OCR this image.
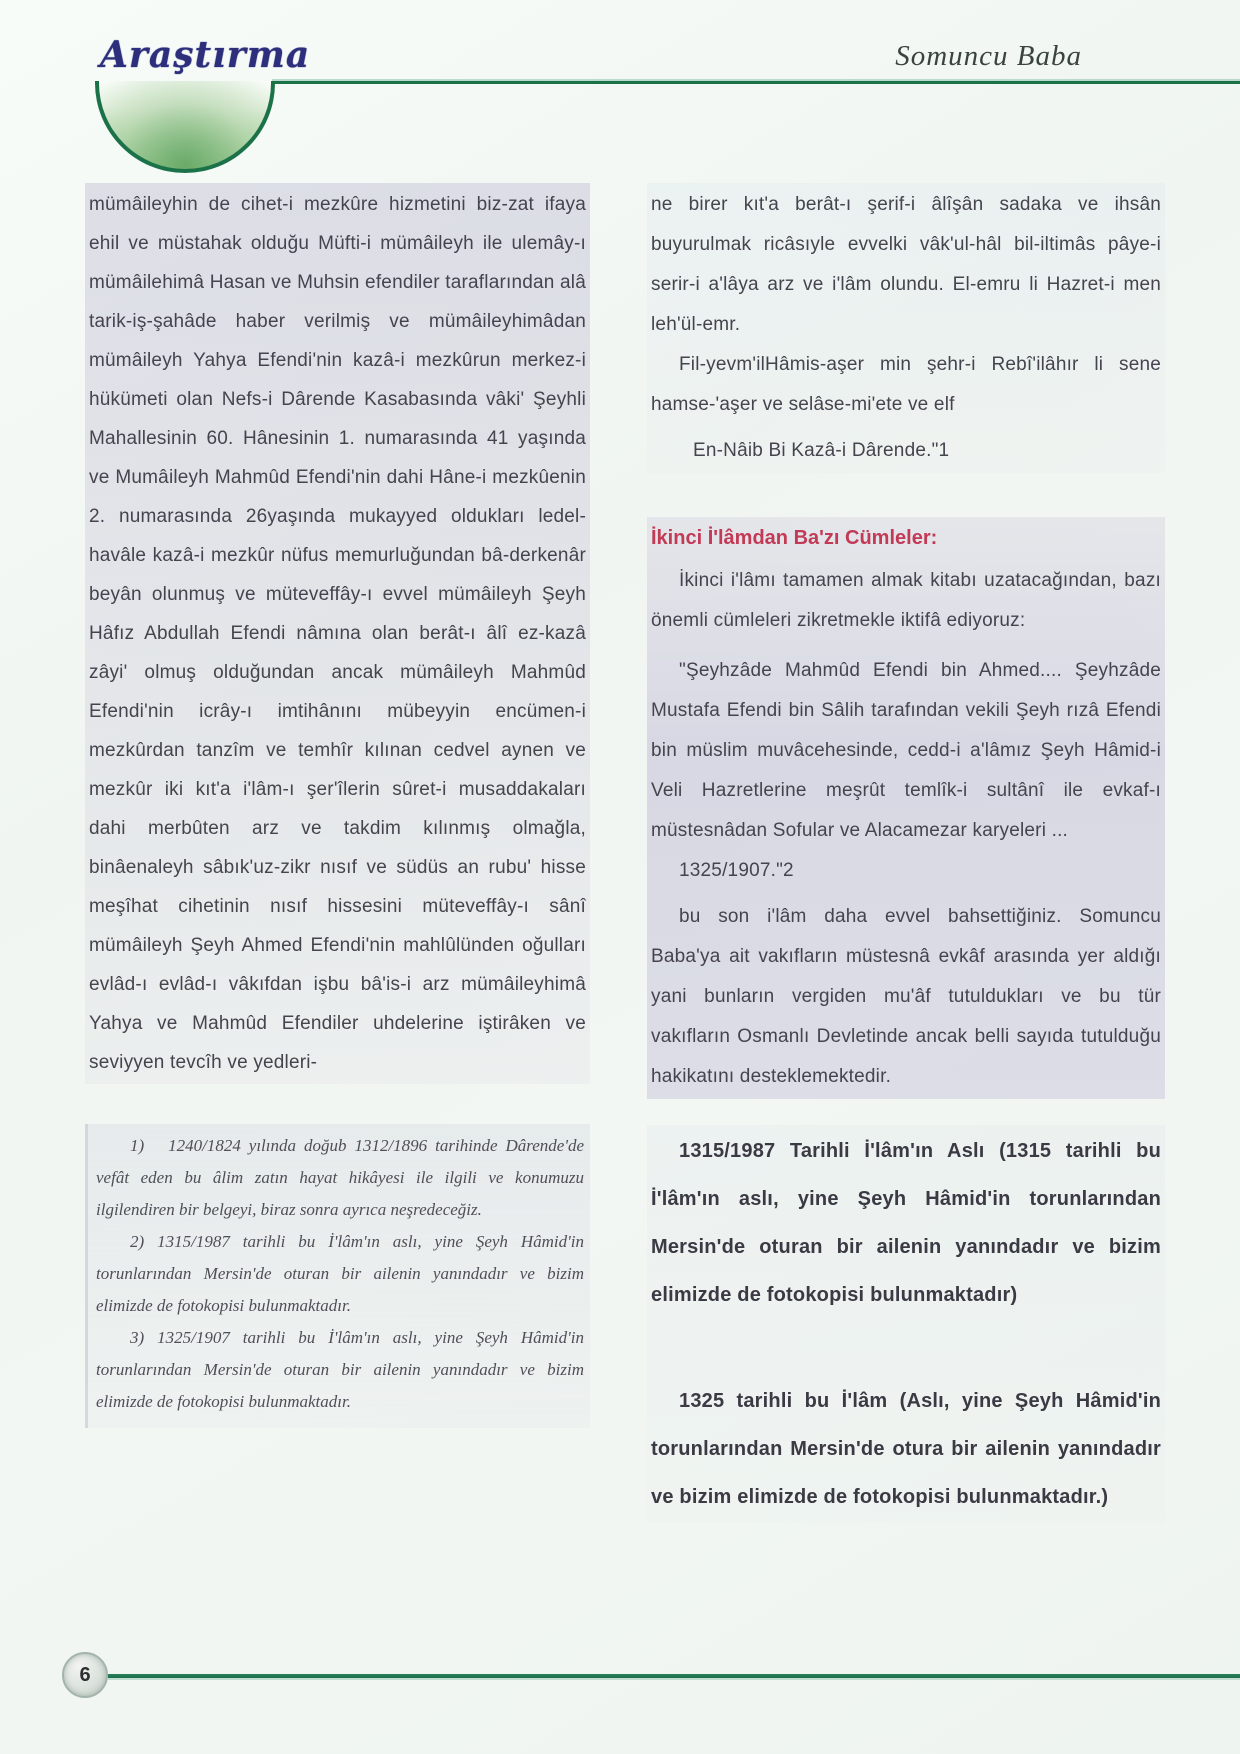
Araştırma	Somuncu Baba
mümâileyhin de cihet-i mezkûre hizmetini biz-zat ifaya ehil ve müstahak olduğu Müfti-i mümâileyh ile ulemây-ı mümâilehimâ Hasan ve Muhsin efendiler taraflarından alâ tarik-iş-şahâde haber verilmiş ve mümâileyhimâdan mümâileyh Yahya Efendi'nin kazâ-i mezkûrun merkez-i hükümeti olan Nefs-i Dârende Kasabasında vâki' Şeyhli Mahallesinin 60. Hânesinin 1. numarasında 41 yaşında ve Mumâileyh Mahmûd Efendi'nin dahi Hâne-i mezkûenin 2. numarasında 26yaşında mukayyed oldukları ledel-havâle kazâ-i mezkûr nüfus memurluğundan bâ-derkenâr beyân olunmuş ve müteveffây-ı evvel mümâileyh Şeyh Hâfız Abdullah Efendi nâmına olan berât-ı âlî ez-kazâ zâyi' olmuş olduğundan ancak mümâileyh Mahmûd Efendi'nin icrây-ı imtihânını mübeyyin encümen-i mezkûrdan tanzîm ve temhîr kılınan cedvel aynen ve mezkûr iki kıt'a i'lâm-ı şer'îlerin sûret-i musaddakaları dahi merbûten arz ve takdim kılınmış olmağla, binâenaleyh sâbık'uz-zikr nısıf ve südüs an rubu' hisse meşîhat cihetinin nısıf hissesini müteveffây-ı sânî mümâileyh Şeyh Ahmed Efendi'nin mahlûlünden oğulları evlâd-ı evlâd-ı vâkıfdan işbu bâ'is-i arz mümâileyhimâ Yahya ve Mahmûd Efendiler uhdelerine iştirâken ve seviyyen tevcîh ve yedleri-

1)   1240/1824 yılında doğub 1312/1896 tarihinde Dârende'de vefât eden bu âlim zatın hayat hikâyesi ile ilgili ve konumuzu ilgilendiren bir belgeyi, biraz sonra ayrıca neşredeceğiz.

2) 1315/1987 tarihli bu İ'lâm'ın aslı, yine Şeyh Hâmid'in torunlarından Mersin'de oturan bir ailenin yanındadır ve bizim elimizde de fotokopisi bulunmaktadır.

3) 1325/1907 tarihli bu İ'lâm'ın aslı, yine Şeyh Hâmid'in torunlarından Mersin'de oturan bir ailenin yanındadır ve bizim elimizde de fotokopisi bulunmaktadır.

ne birer kıt'a berât-ı şerif-i âlîşân sadaka ve ihsân buyurulmak ricâsıyle evvelki vâk'ul-hâl bil-iltimâs pâye-i serir-i a'lâya arz ve i'lâm olundu. El-emru li Hazret-i men leh'ül-emr.

Fil-yevm'ilHâmis-aşer min şehr-i Rebî'ilâhır li sene hamse-'aşer ve selâse-mi'ete ve elf

En-Nâib Bi Kazâ-i Dârende."1

İkinci İ'lâmdan Ba'zı Cümleler:

İkinci i'lâmı tamamen almak kitabı uzatacağından, bazı önemli cümleleri zikretmekle iktifâ ediyoruz:

"Şeyhzâde Mahmûd Efendi bin Ahmed.... Şeyhzâde Mustafa Efendi bin Sâlih tarafından vekili Şeyh rızâ Efendi bin müslim muvâcehesinde, cedd-i a'lâmız Şeyh Hâmid-i Veli Hazretlerine meşrût temlîk-i sultânî ile evkaf-ı müstesnâdan Sofular ve Alacamezar karyeleri ...

1325/1907."2

bu son i'lâm daha evvel bahsettiğiniz. Somuncu Baba'ya ait vakıfların müstesnâ evkâf arasında yer aldığı yani bunların vergiden mu'âf tutuldukları ve bu tür vakıfların Osmanlı Devletinde ancak belli sayıda tutulduğu hakikatını desteklemektedir.

1315/1987 Tarihli İ'lâm'ın Aslı (1315 tarihli bu İ'lâm'ın aslı, yine Şeyh Hâmid'in torunlarından Mersin'de oturan bir ailenin yanındadır ve bizim elimizde de fotokopisi bulunmaktadır)

1325 tarihli bu İ'lâm (Aslı, yine Şeyh Hâmid'in torunlarından Mersin'de otura bir ailenin yanındadır ve bizim elimizde de fotokopisi bulunmaktadır.)

6
